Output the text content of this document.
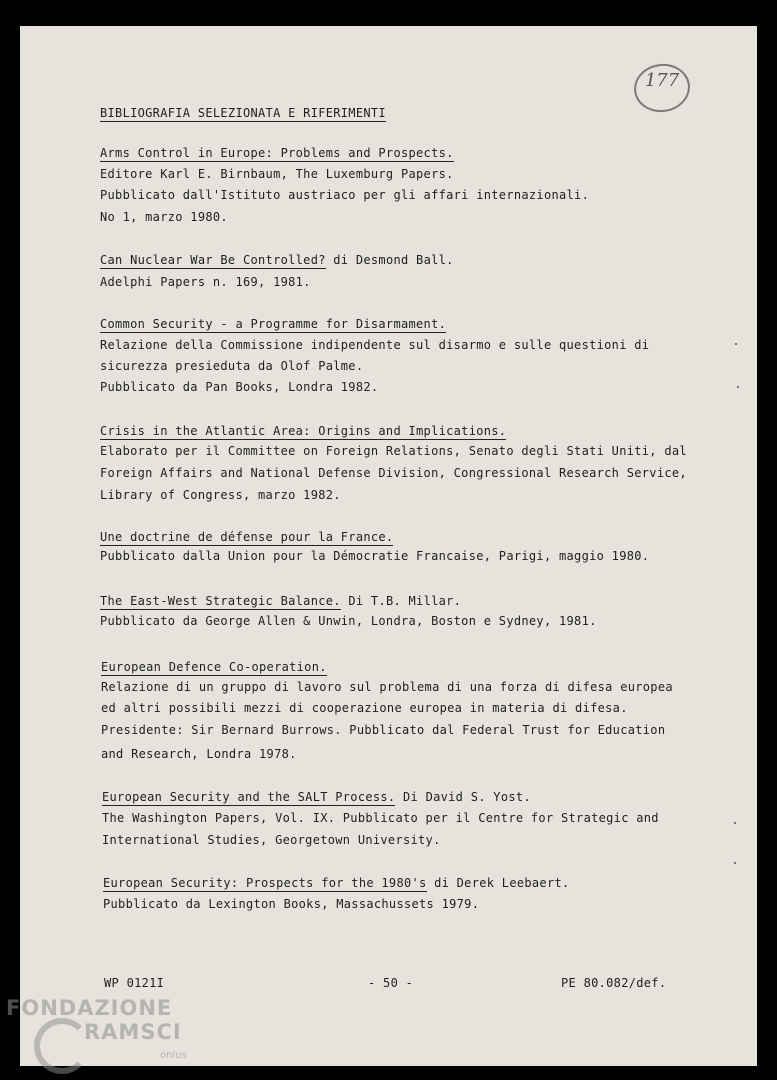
177
BIBLIOGRAFIA SELEZIONATA E RIFERIMENTI
Arms Control in Europe: Problems and Prospects.
Editore Karl E. Birnbaum, The Luxemburg Papers.
Pubblicato dall'Istituto austriaco per gli affari internazionali.
No 1, marzo 1980.
Can Nuclear War Be Controlled? di Desmond Ball.
Adelphi Papers n. 169, 1981.
Common Security - a Programme for Disarmament.
Relazione della Commissione indipendente sul disarmo e sulle questioni di
sicurezza presieduta da Olof Palme.
Pubblicato da Pan Books, Londra 1982.
Crisis in the Atlantic Area: Origins and Implications.
Elaborato per il Committee on Foreign Relations, Senato degli Stati Uniti, dal
Foreign Affairs and National Defense Division, Congressional Research Service,
Library of Congress, marzo 1982.
Une doctrine de défense pour la France.
Pubblicato dalla Union pour la Démocratie Francaise, Parigi, maggio 1980.
The East-West Strategic Balance. Di T.B. Millar.
Pubblicato da George Allen & Unwin, Londra, Boston e Sydney, 1981.
European Defence Co-operation.
Relazione di un gruppo di lavoro sul problema di una forza di difesa europea
ed altri possibili mezzi di cooperazione europea in materia di difesa.
Presidente: Sir Bernard Burrows. Pubblicato dal Federal Trust for Education
and Research, Londra 1978.
European Security and the SALT Process. Di David S. Yost.
The Washington Papers, Vol. IX. Pubblicato per il Centre for Strategic and
International Studies, Georgetown University.
European Security: Prospects for the 1980's di Derek Leebaert.
Pubblicato da Lexington Books, Massachussets 1979.
WP 0121I	- 50 -	PE 80.082/def.
FONDAZIONE
RAMSCI
onlus
